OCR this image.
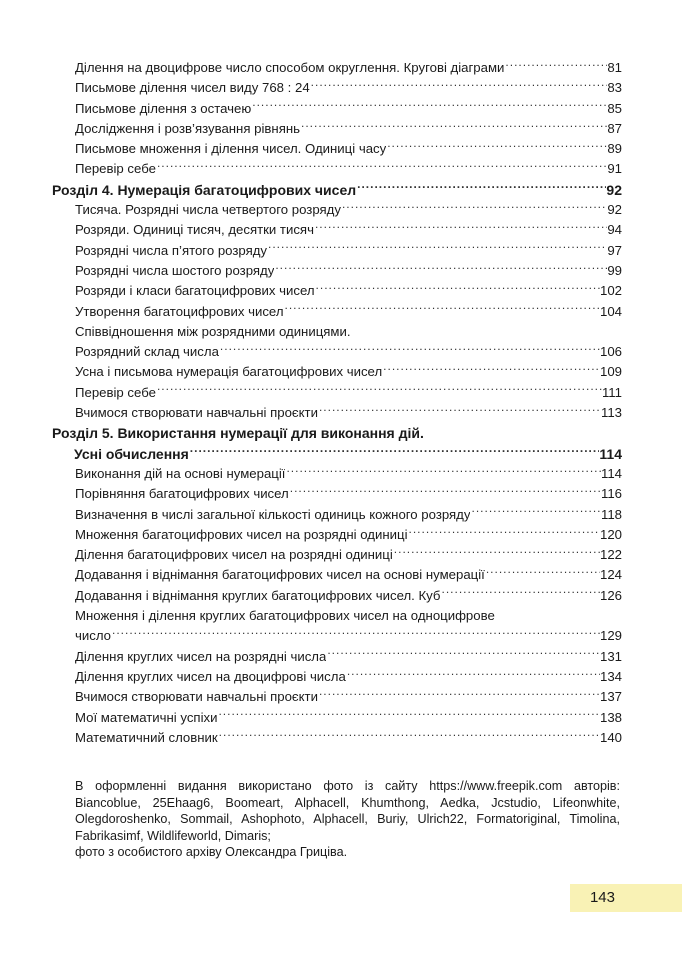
Ділення на двоцифрове число способом округлення. Кругові діаграми .....	81
Письмове ділення чисел виду 768 : 24 .....	83
Письмове ділення з остачею .....	85
Дослідження і розв’язування рівнянь .....	87
Письмове множення і ділення чисел. Одиниці часу .....	89
Перевір себе .....	91
Розділ 4. Нумерація багатоцифрових чисел .....	92
Тисяча. Розрядні числа четвертого розряду .....	92
Розряди. Одиниці тисяч, десятки тисяч .....	94
Розрядні числа п’ятого розряду .....	97
Розрядні числа шостого розряду .....	99
Розряди і класи багатоцифрових чисел .....	102
Утворення багатоцифрових чисел .....	104
Співвідношення між розрядними одиницями.
Розрядний склад числа .....	106
Усна і письмова нумерація багатоцифрових чисел .....	109
Перевір себе .....	111
Вчимося створювати навчальні проєкти .....	113
Розділ 5. Використання нумерації для виконання дій.
Усні обчислення .....	114
Виконання дій на основі нумерації .....	114
Порівняння багатоцифрових чисел .....	116
Визначення в числі загальної кількості одиниць кожного розряду .....	118
Множення багатоцифрових чисел на розрядні одиниці .....	120
Ділення багатоцифрових чисел на розрядні одиниці .....	122
Додавання і віднімання багатоцифрових чисел на основі нумерації .....	124
Додавання і віднімання круглих багатоцифрових чисел. Куб .....	126
Множення і ділення круглих багатоцифрових чисел на одноцифрове
число .....	129
Ділення круглих чисел на розрядні числа .....	131
Ділення круглих чисел на двоцифрові числа .....	134
Вчимося створювати навчальні проєкти .....	137
Мої математичні успіхи .....	138
Математичний словник .....	140

В оформленні видання використано фото із сайту https://www.freepik.com авторів: Biancoblue, 25Ehaag6, Boomeart, Alphacell, Khumthong, Aedka, Jcstudio, Lifeonwhite, Olegdoroshenko, Sommail, Ashophoto, Alphacell, Buriy, Ulrich22, Formatoriginal, Timolina, Fabrikasimf, Wildlifeworld, Dimaris;

фото з особистого архіву Олександра Гриціва.

143
